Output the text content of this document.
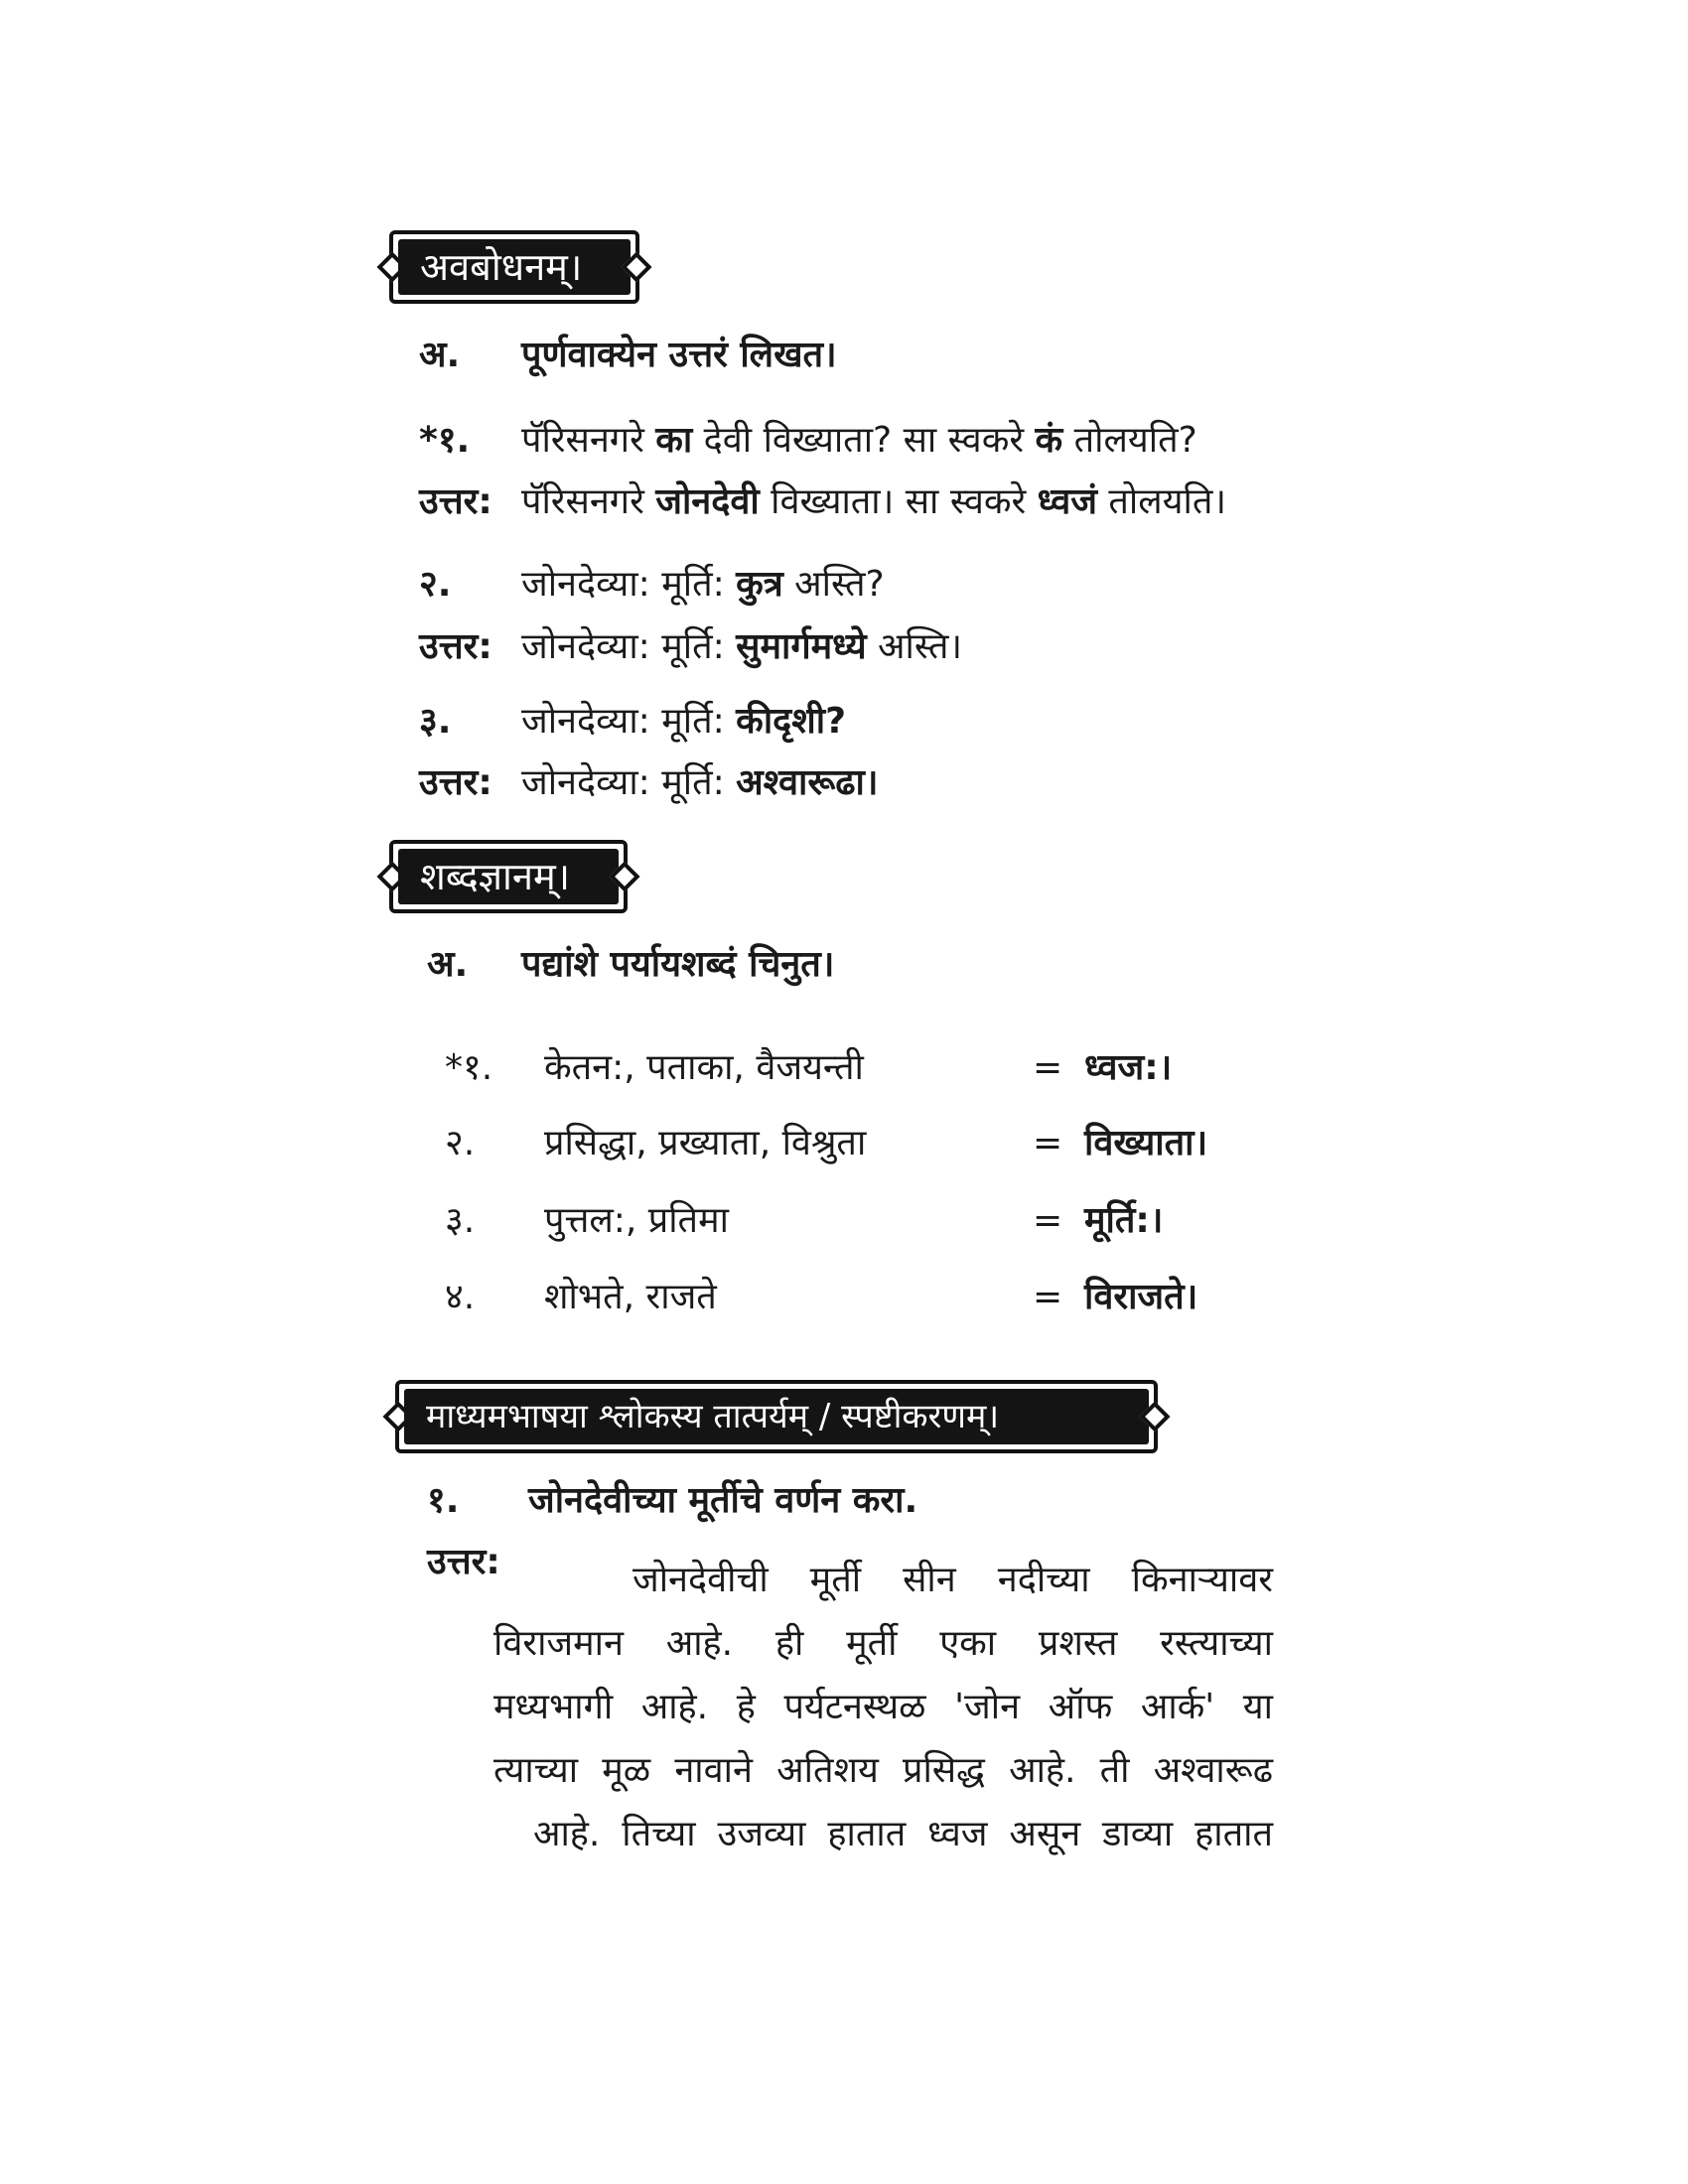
अवबोधनम्।
अ. पूर्णवाक्येन उत्तरं लिखत।
*१. पॅरिसनगरे का देवी विख्याता? सा स्वकरे कं तोलयति?
उत्तर: पॅरिसनगरे जोनदेवी विख्याता। सा स्वकरे ध्वजं तोलयति।
२. जोनदेव्या: मूर्ति: कुत्र अस्ति?
उत्तर: जोनदेव्या: मूर्ति: सुमार्गमध्ये अस्ति।
३. जोनदेव्या: मूर्ति: कीदृशी?
उत्तर: जोनदेव्या: मूर्ति: अश्वारूढा।
शब्दज्ञानम्।
अ. पद्यांशे पर्यायशब्दं चिनुत।
*१. केतन:, पताका, वैजयन्ती	= ध्वज:।
२. प्रसिद्धा, प्रख्याता, विश्रुता	= विख्याता।
३. पुत्तल:, प्रतिमा	= मूर्ति:।
४. शोभते, राजते	= विराजते।
माध्यमभाषया श्लोकस्य तात्पर्यम् / स्पष्टीकरणम्।
१. जोनदेवीच्या मूर्तीचे वर्णन करा.
उत्तर:	जोनदेवीची मूर्ती सीन नदीच्या किनाऱ्यावर
विराजमान आहे. ही मूर्ती एका प्रशस्त रस्त्याच्या
मध्यभागी आहे. हे पर्यटनस्थळ 'जोन ऑफ आर्क' या
त्याच्या मूळ नावाने अतिशय प्रसिद्ध आहे. ती अश्वारूढ
आहे. तिच्या उजव्या हातात ध्वज असून डाव्या हातात
